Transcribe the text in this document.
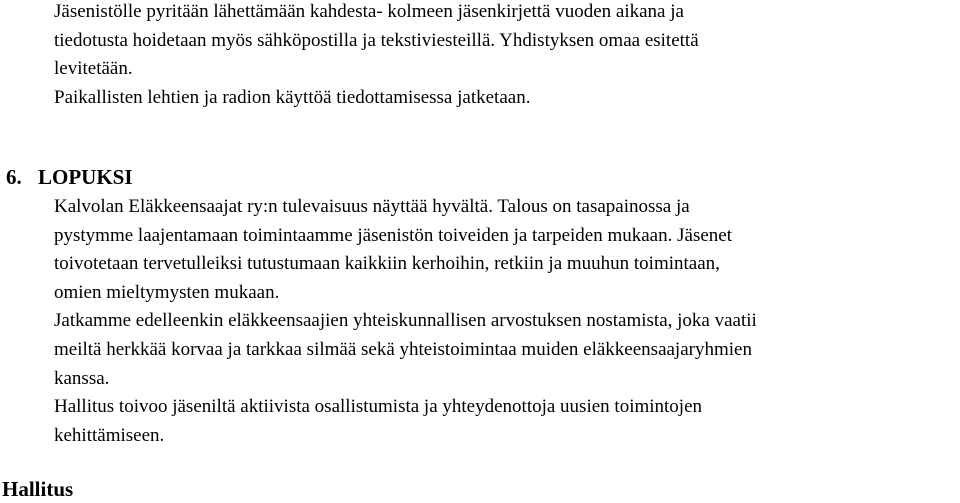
Jäsenistölle pyritään lähettämään kahdesta- kolmeen jäsenkirjettä vuoden aikana ja
tiedotusta hoidetaan myös sähköpostilla ja tekstiviesteillä. Yhdistyksen omaa esitettä
levitetään.
Paikallisten lehtien ja radion käyttöä tiedottamisessa jatketaan.
6. LOPUKSI
Kalvolan Eläkkeensaajat ry:n tulevaisuus näyttää hyvältä. Talous on tasapainossa ja
pystymme laajentamaan toimintaamme jäsenistön toiveiden ja tarpeiden mukaan. Jäsenet
toivotetaan tervetulleiksi tutustumaan kaikkiin kerhoihin, retkiin ja muuhun toimintaan,
omien mieltymysten mukaan.
Jatkamme edelleenkin eläkkeensaajien yhteiskunnallisen arvostuksen nostamista, joka vaatii
meiltä herkkää korvaa ja tarkkaa silmää sekä yhteistoimintaa muiden eläkkeensaajaryhmien
kanssa.
Hallitus toivoo jäseniltä aktiivista osallistumista ja yhteydenottoja uusien toimintojen
kehittämiseen.
Hallitus
